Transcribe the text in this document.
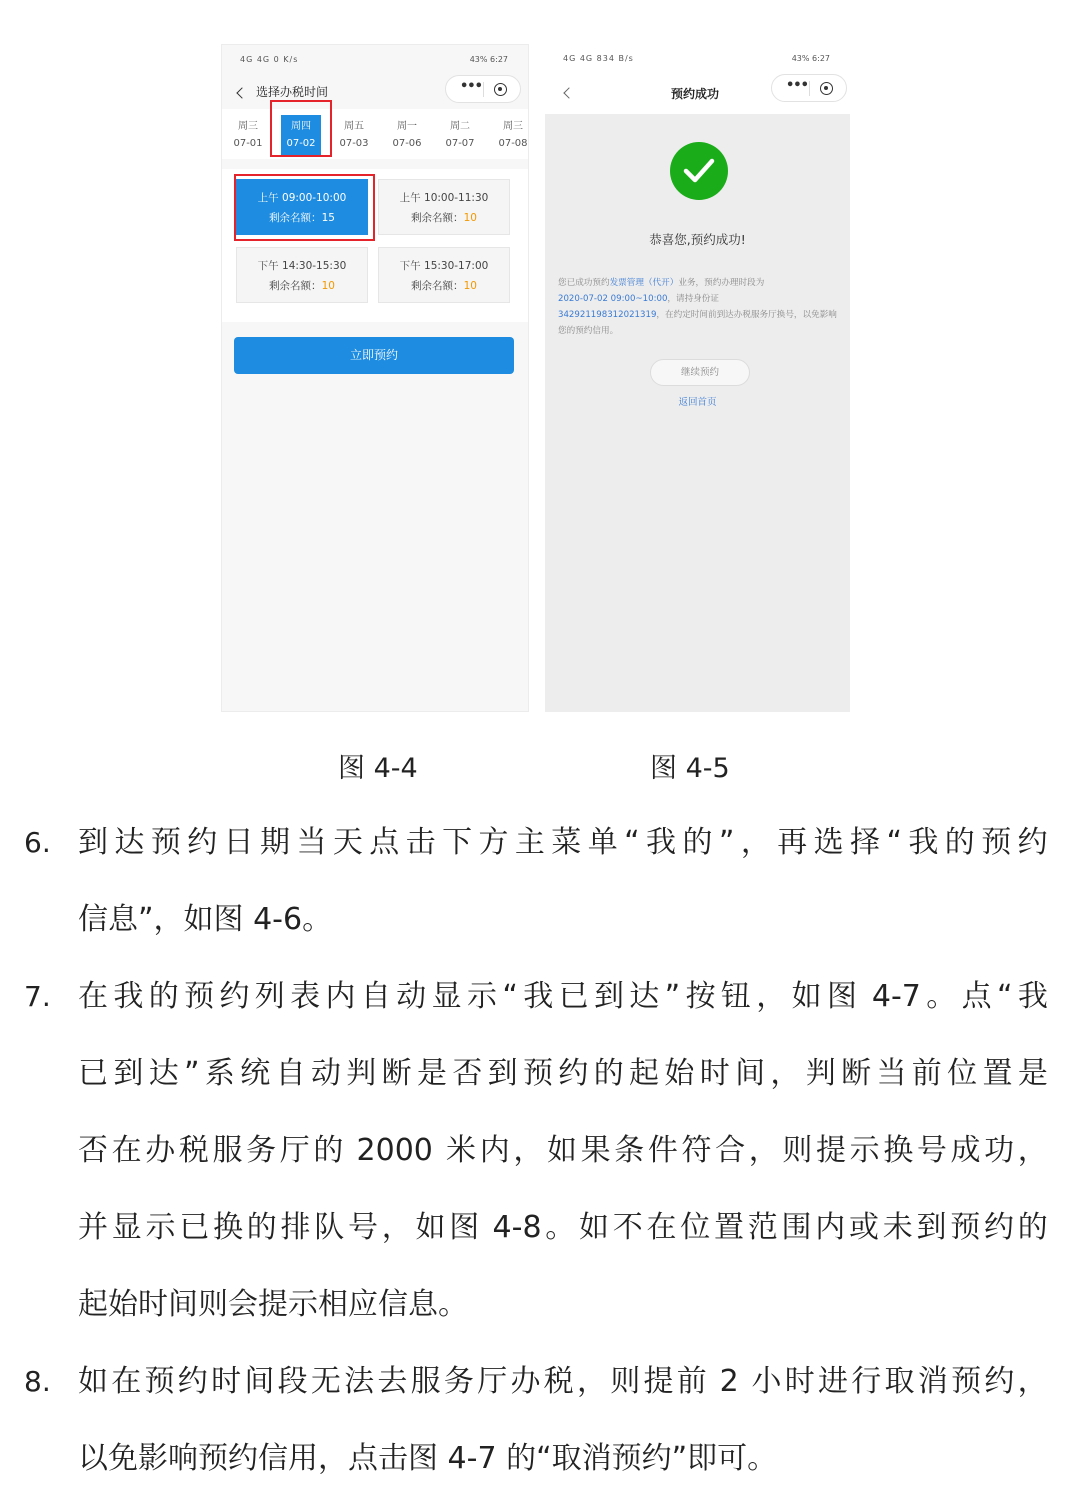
4G 4G 0 K/s	43% 6:27
选择办税时间	•••
周三
07-01
周四
07-02
周五
07-03
周一
07-06
周二
07-07
周三
07-08
上午 09:00-10:00
剩余名额：15
上午 10:00-11:30
剩余名额：10
下午 14:30-15:30
剩余名额：10
下午 15:30-17:00
剩余名额：10
立即预约
4G 4G 834 B/s	43% 6:27
预约成功
•••
恭喜您,预约成功!
您已成功预约发票管理（代开）业务，预约办理时段为
2020-07-02 09:00~10:00，请持身份证
342921198312021319，在约定时间前到达办税服务厅换号，以免影响您的预约信用。
继续预约
返回首页
图 4-4	图 4-5
6. 到 达 预 约 日 期 当 天 点 击 下 方 主 菜 单 “ 我 的 ” ， 再 选 择 “ 我 的 预 约
信息”，如图 4-6。
7. 在 我 的 预 约 列 表 内 自 动 显 示 “ 我 已 到 达 ” 按 钮 ， 如 图 4-7 。 点 “ 我
已 到 达 ” 系 统 自 动 判 断 是 否 到 预 约 的 起 始 时 间 ， 判 断 当 前 位 置 是
否 在 办 税 服 务 厅 的 2000 米 内 ， 如 果 条 件 符 合 ， 则 提 示 换 号 成 功 ，
并 显 示 已 换 的 排 队 号 ， 如 图 4-8 。 如 不 在 位 置 范 围 内 或 未 到 预 约 的
起始时间则会提示相应信息。
8. 如 在 预 约 时 间 段 无 法 去 服 务 厅 办 税 ， 则 提 前 2 小 时 进 行 取 消 预 约 ，
以免影响预约信用，点击图 4-7 的“取消预约”即可。
